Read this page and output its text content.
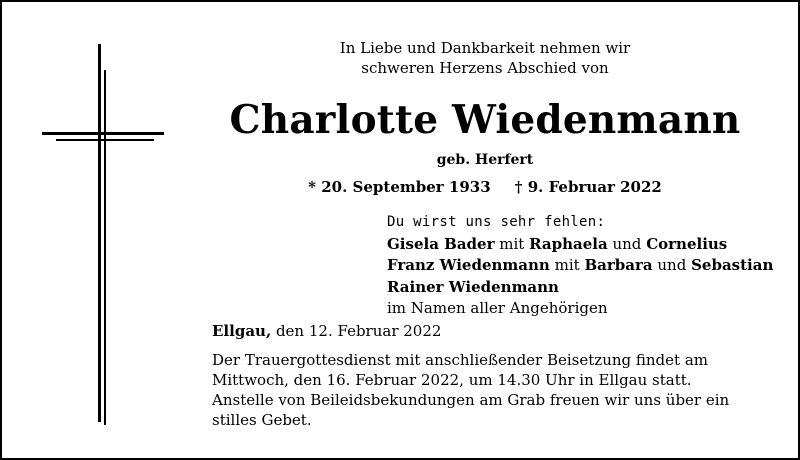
In Liebe und Dankbarkeit nehmen wir
schweren Herzens Abschied von
Charlotte Wiedenmann
geb. Herfert
* 20. September 1933 † 9. Februar 2022
Du wirst uns sehr fehlen:
Gisela Bader mit Raphaela und Cornelius
Franz Wiedenmann mit Barbara und Sebastian
Rainer Wiedenmann
im Namen aller Angehörigen
Ellgau, den 12. Februar 2022
Der Trauergottesdienst mit anschließender Beisetzung findet am
Mittwoch, den 16. Februar 2022, um 14.30 Uhr in Ellgau statt.
Anstelle von Beileidsbekundungen am Grab freuen wir uns über ein
stilles Gebet.
